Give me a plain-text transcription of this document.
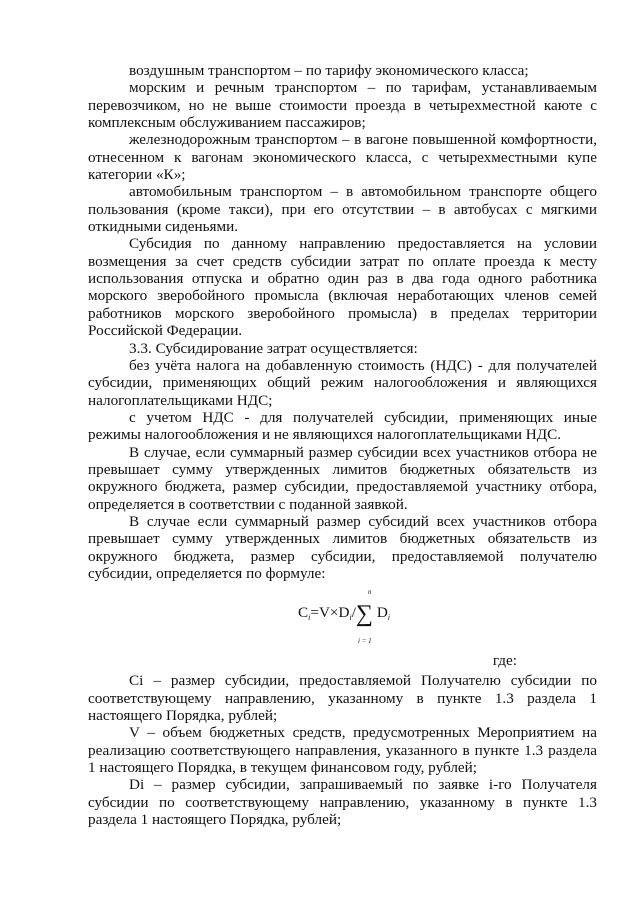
воздушным транспортом – по тарифу экономического класса;

морским и речным транспортом – по тарифам, устанавливаемым перевозчиком, но не выше стоимости проезда в четырехместной каюте с комплексным обслуживанием пассажиров;

железнодорожным транспортом – в вагоне повышенной комфортности, отнесенном к вагонам экономического класса, с четырехместными купе категории «К»;

автомобильным транспортом – в автомобильном транспорте общего пользования (кроме такси), при его отсутствии – в автобусах с мягкими откидными сиденьями.

Субсидия по данному направлению предоставляется на условии возмещения за счет средств субсидии затрат по оплате проезда к месту использования отпуска и обратно один раз в два года одного работника морского зверобойного промысла (включая неработающих членов семей работников морского зверобойного промысла) в пределах территории Российской Федерации.

3.3. Субсидирование затрат осуществляется:

без учёта налога на добавленную стоимость (НДС) - для получателей субсидии, применяющих общий режим налогообложения и являющихся налогоплательщиками НДС;

с учетом НДС - для получателей субсидии, применяющих иные режимы налогообложения и не являющихся налогоплательщиками НДС.

В случае, если суммарный размер субсидии всех участников отбора не превышает сумму утвержденных лимитов бюджетных обязательств из окружного бюджета, размер субсидии, предоставляемой участнику отбора, определяется в соответствии с поданной заявкой.

В случае если суммарный размер субсидий всех участников отбора превышает сумму утвержденных лимитов бюджетных обязательств из окружного бюджета, размер субсидии, предоставляемой получателю субсидии, определяется по формуле:

n
$C_i=V\times D_i/\sum$ $D_i$
i = 1
где:

Ci – размер субсидии, предоставляемой Получателю субсидии по соответствующему направлению, указанному в пункте 1.3 раздела 1 настоящего Порядка, рублей;

V – объем бюджетных средств, предусмотренных Мероприятием на реализацию соответствующего направления, указанного в пункте 1.3 раздела 1 настоящего Порядка, в текущем финансовом году, рублей;

Di – размер субсидии, запрашиваемый по заявке i-го Получателя субсидии по соответствующему направлению, указанному в пункте 1.3 раздела 1 настоящего Порядка, рублей;
